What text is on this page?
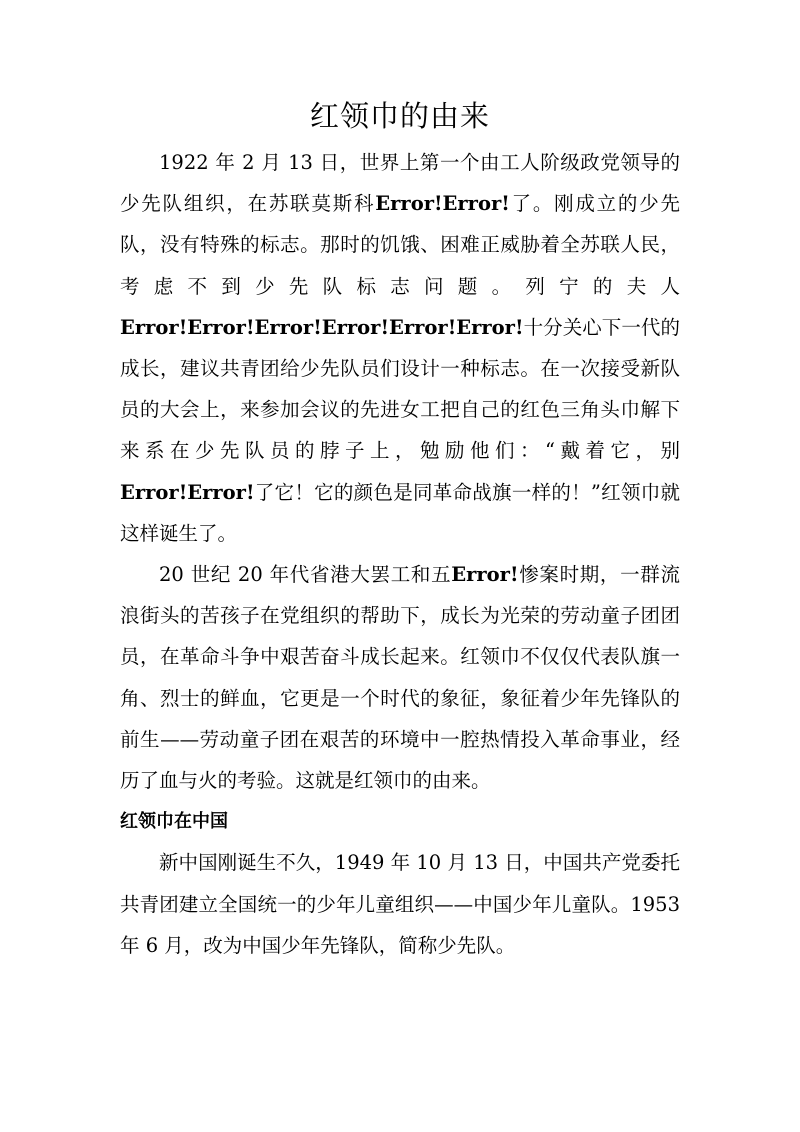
红领巾的由来

1922 年 2 月 13 日，世界上第一个由工人阶级政党领导的少先队组织，在苏联莫斯科Error!Error!了。刚成立的少先队，没有特殊的标志。那时的饥饿、困难正威胁着全苏联人民，考虑不到少先队标志问题。列宁的夫人Error!Error!Error!Error!Error!Error!十分关心下一代的成长，建议共青团给少先队员们设计一种标志。在一次接受新队员的大会上，来参加会议的先进女工把自己的红色三角头巾解下来系在少先队员的脖子上，勉励他们：“戴着它，别Error!Error!了它！它的颜色是同革命战旗一样的！”红领巾就这样诞生了。

20 世纪 20 年代省港大罢工和五Error!惨案时期，一群流浪街头的苦孩子在党组织的帮助下，成长为光荣的劳动童子团团员，在革命斗争中艰苦奋斗成长起来。红领巾不仅仅代表队旗一角、烈士的鲜血，它更是一个时代的象征，象征着少年先锋队的前生——劳动童子团在艰苦的环境中一腔热情投入革命事业，经历了血与火的考验。这就是红领巾的由来。

红领巾在中国

新中国刚诞生不久，1949 年 10 月 13 日，中国共产党委托共青团建立全国统一的少年儿童组织——中国少年儿童队。1953 年 6 月，改为中国少年先锋队，简称少先队。
